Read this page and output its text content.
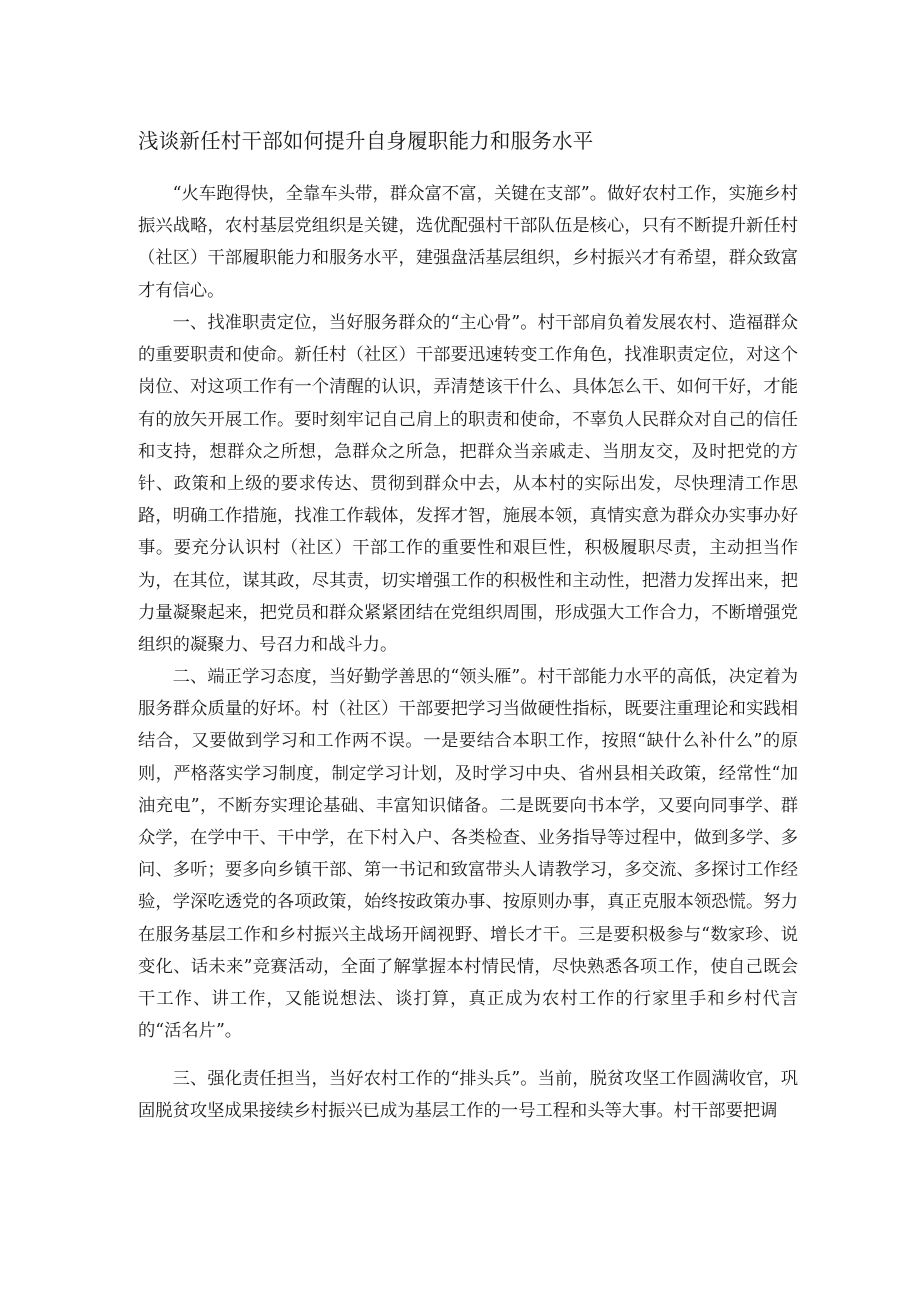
浅谈新任村干部如何提升自身履职能力和服务水平

“火车跑得快，全靠车头带，群众富不富，关键在支部”。做好农村工作，实施乡村振兴战略，农村基层党组织是关键，选优配强村干部队伍是核心，只有不断提升新任村（社区）干部履职能力和服务水平，建强盘活基层组织，乡村振兴才有希望，群众致富才有信心。

一、找准职责定位，当好服务群众的“主心骨”。村干部肩负着发展农村、造福群众的重要职责和使命。新任村（社区）干部要迅速转变工作角色，找准职责定位，对这个岗位、对这项工作有一个清醒的认识，弄清楚该干什么、具体怎么干、如何干好，才能有的放矢开展工作。要时刻牢记自己肩上的职责和使命，不辜负人民群众对自己的信任和支持，想群众之所想，急群众之所急，把群众当亲戚走、当朋友交，及时把党的方针、政策和上级的要求传达、贯彻到群众中去，从本村的实际出发，尽快理清工作思路，明确工作措施，找准工作载体，发挥才智，施展本领，真情实意为群众办实事办好事。要充分认识村（社区）干部工作的重要性和艰巨性，积极履职尽责，主动担当作为，在其位，谋其政，尽其责，切实增强工作的积极性和主动性，把潜力发挥出来，把力量凝聚起来，把党员和群众紧紧团结在党组织周围，形成强大工作合力，不断增强党组织的凝聚力、号召力和战斗力。

二、端正学习态度，当好勤学善思的“领头雁”。村干部能力水平的高低，决定着为服务群众质量的好坏。村（社区）干部要把学习当做硬性指标，既要注重理论和实践相结合，又要做到学习和工作两不误。一是要结合本职工作，按照“缺什么补什么”的原则，严格落实学习制度，制定学习计划，及时学习中央、省州县相关政策，经常性“加油充电”，不断夯实理论基础、丰富知识储备。二是既要向书本学，又要向同事学、群众学，在学中干、干中学，在下村入户、各类检查、业务指导等过程中，做到多学、多问、多听；要多向乡镇干部、第一书记和致富带头人请教学习，多交流、多探讨工作经验，学深吃透党的各项政策，始终按政策办事、按原则办事，真正克服本领恐慌。努力在服务基层工作和乡村振兴主战场开阔视野、增长才干。三是要积极参与“数家珍、说变化、话未来”竞赛活动，全面了解掌握本村情民情，尽快熟悉各项工作，使自己既会干工作、讲工作，又能说想法、谈打算，真正成为农村工作的行家里手和乡村代言的“活名片”。

三、强化责任担当，当好农村工作的“排头兵”。当前，脱贫攻坚工作圆满收官，巩固脱贫攻坚成果接续乡村振兴已成为基层工作的一号工程和头等大事。村干部要把调
